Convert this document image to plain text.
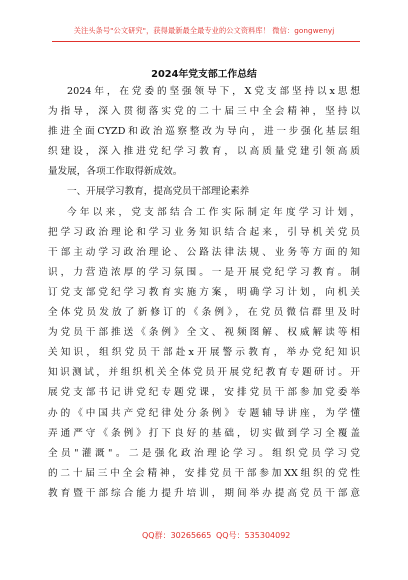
关注头条号"公文研究"，获得最新最全最专业的公文资料库！ 微信：gongwenyj
2024年党支部工作总结
2024年，在党委的坚强领导下，X党支部坚持以x思想
为指导，深入贯彻落实党的二十届三中全会精神，坚持以
推进全面CYZD和政治巡察整改为导向，进一步强化基层组
织建设，深入推进党纪学习教育，以高质量党建引领高质
量发展，各项工作取得新成效。
一、开展学习教育，提高党员干部理论素养
今年以来，党支部结合工作实际制定年度学习计划，
把学习政治理论和学习业务知识结合起来，引导机关党员
干部主动学习政治理论、公路法律法规、业务等方面的知
识，力营造浓厚的学习氛围。一是开展党纪学习教育。制
订党支部党纪学习教育实施方案，明确学习计划，向机关
全体党员发放了新修订的《条例》，在党员微信群里及时
为党员干部推送《条例》全文、视频图解、权威解读等相
关知识，组织党员干部赴x开展警示教育，举办党纪知识
知识测试，并组织机关全体党员开展党纪教育专题研讨。开
展党支部书记讲党纪专题党课，安排党员干部参加党委举
办的《中国共产党纪律处分条例》专题辅导讲座，为学懂
弄通严守《条例》打下良好的基础，切实做到学习全覆盖
全员"灌溉"。二是强化政治理论学习。组织党员学习党
的二十届三中全会精神，安排党员干部参加XX组织的党性
教育暨干部综合能力提升培训，期间举办提高党员干部意
QQ群：30265665 QQ号：535304092
